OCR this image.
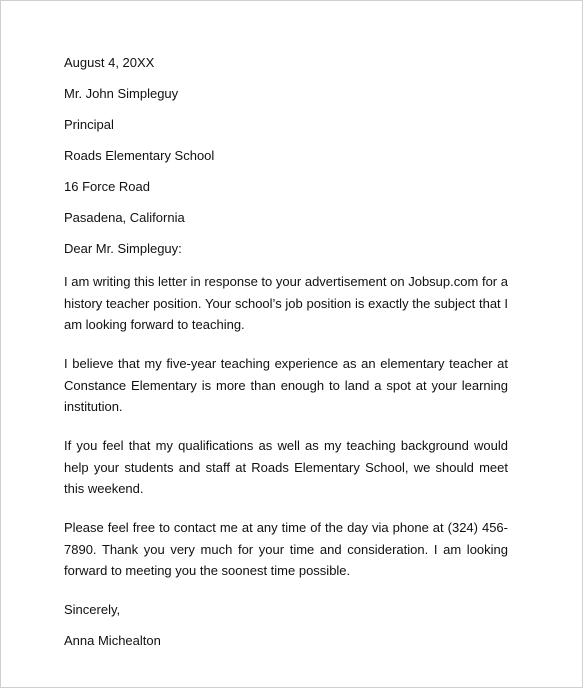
August 4, 20XX

Mr. John Simpleguy

Principal

Roads Elementary School

16 Force Road

Pasadena, California

Dear Mr. Simpleguy:

I am writing this letter in response to your advertisement on Jobsup.com for a history teacher position. Your school’s job position is exactly the subject that I am looking forward to teaching.

I believe that my five-year teaching experience as an elementary teacher at Constance Elementary is more than enough to land a spot at your learning institution.

If you feel that my qualifications as well as my teaching background would help your students and staff at Roads Elementary School, we should meet this weekend.

Please feel free to contact me at any time of the day via phone at (324) 456-7890. Thank you very much for your time and consideration. I am looking forward to meeting you the soonest time possible.

Sincerely,

Anna Michealton
